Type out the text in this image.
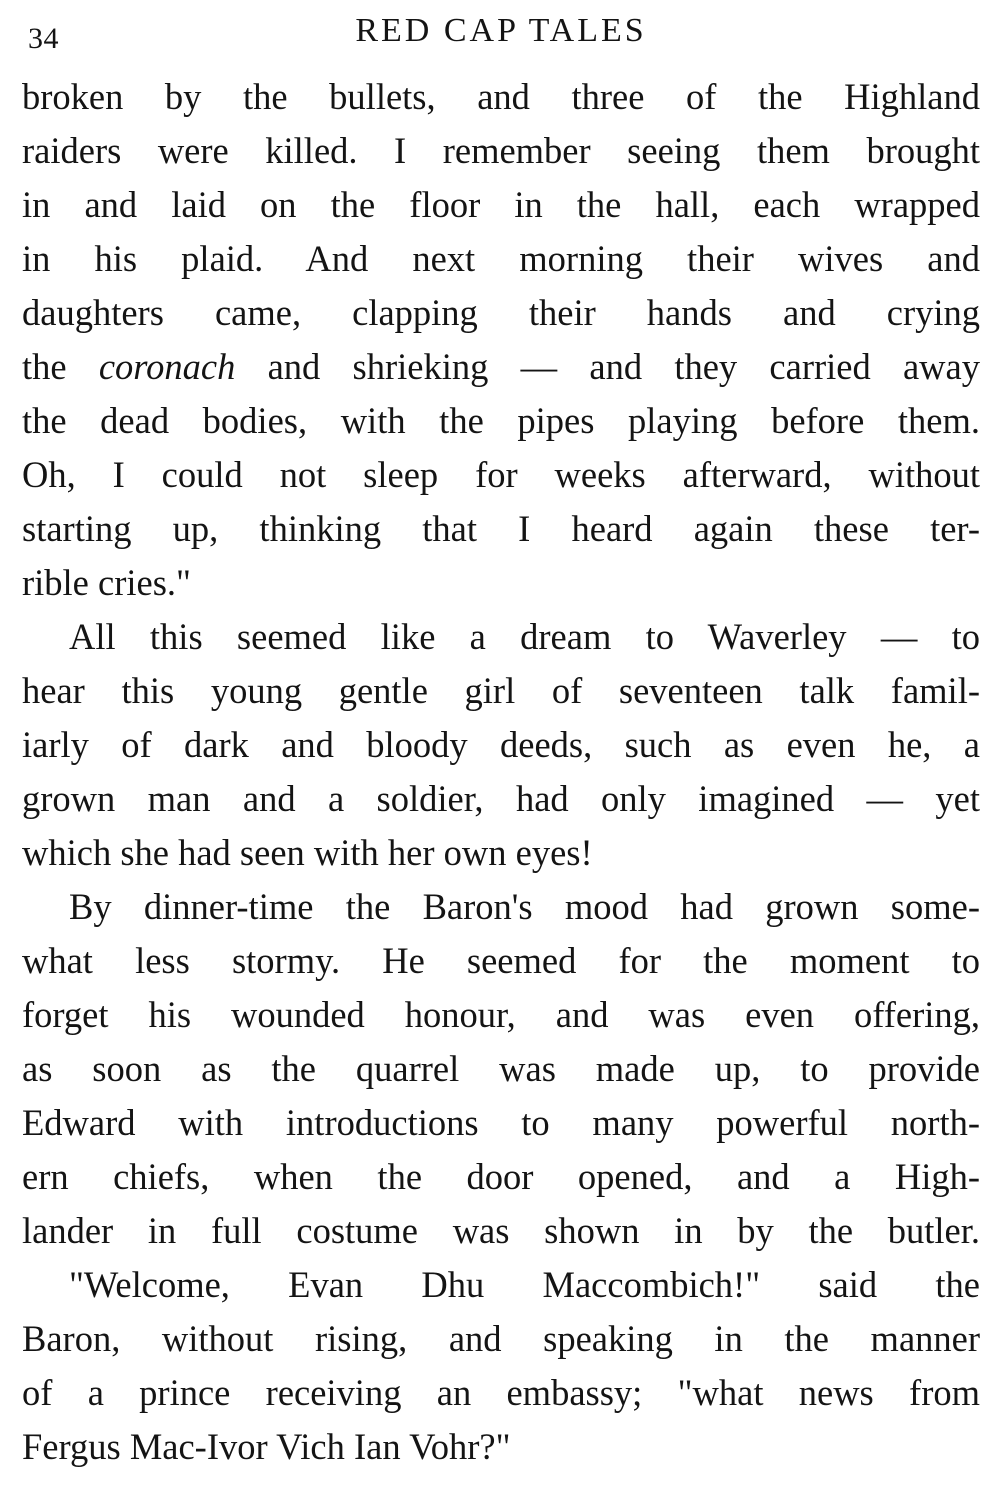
34	RED CAP TALES

broken by the bullets, and three of the Highland
raiders were killed. I remember seeing them brought
in and laid on the floor in the hall, each wrapped
in his plaid. And next morning their wives and
daughters came, clapping their hands and crying
the coronach and shrieking — and they carried away
the dead bodies, with the pipes playing before them.
Oh, I could not sleep for weeks afterward, without
starting up, thinking that I heard again these ter-
rible cries."

All this seemed like a dream to Waverley — to
hear this young gentle girl of seventeen talk famil-
iarly of dark and bloody deeds, such as even he, a
grown man and a soldier, had only imagined — yet
which she had seen with her own eyes!

By dinner-time the Baron's mood had grown some-
what less stormy. He seemed for the moment to
forget his wounded honour, and was even offering,
as soon as the quarrel was made up, to provide
Edward with introductions to many powerful north-
ern chiefs, when the door opened, and a High-
lander in full costume was shown in by the butler.

"Welcome, Evan Dhu Maccombich!" said the
Baron, without rising, and speaking in the manner
of a prince receiving an embassy; "what news from
Fergus Mac-Ivor Vich Ian Vohr?"
